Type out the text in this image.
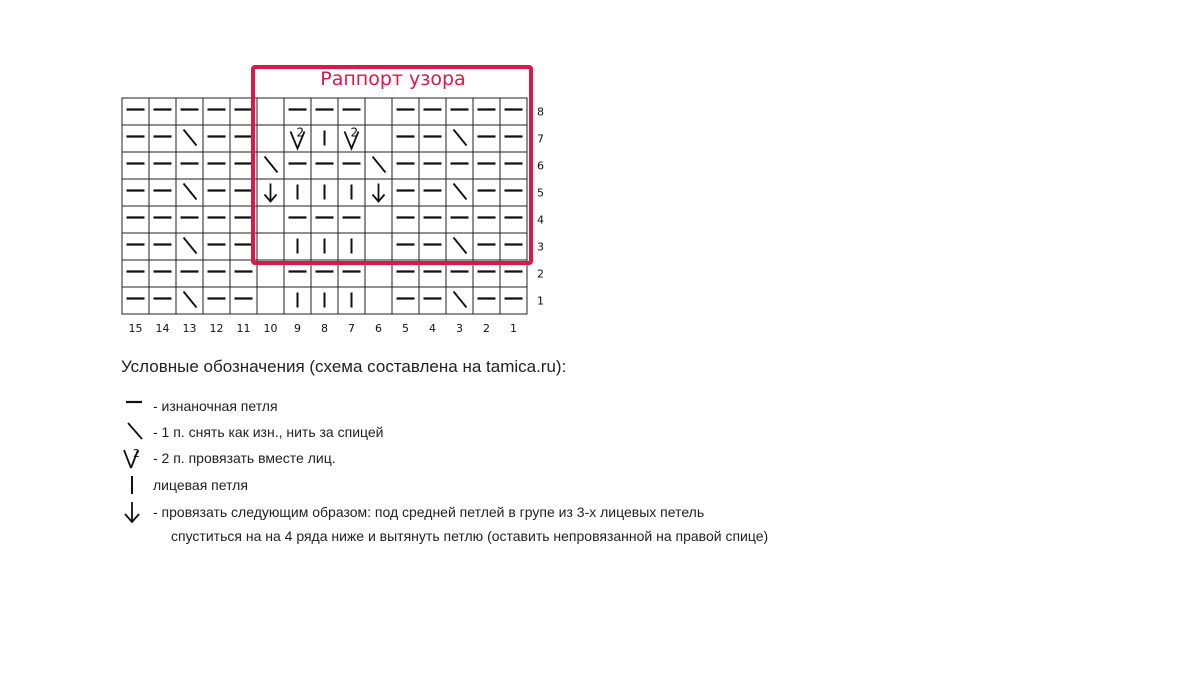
2	2
8
7
6
5
4
3
2
1
15 14 13 12 11 10 9 8 7 6 5 4 3 2 1
Раппорт узора
Условные обозначения (схема составлена на tamica.ru):
- изнаночная петля
- 1 п. снять как изн., нить за спицей
2 - 2 п. провязать вместе лиц.
лицевая петля
- провязать следующим образом: под средней петлей в групе из 3-х лицевых петель
спуститься на на 4 ряда ниже и вытянуть петлю (оставить непровязанной на правой спице)
